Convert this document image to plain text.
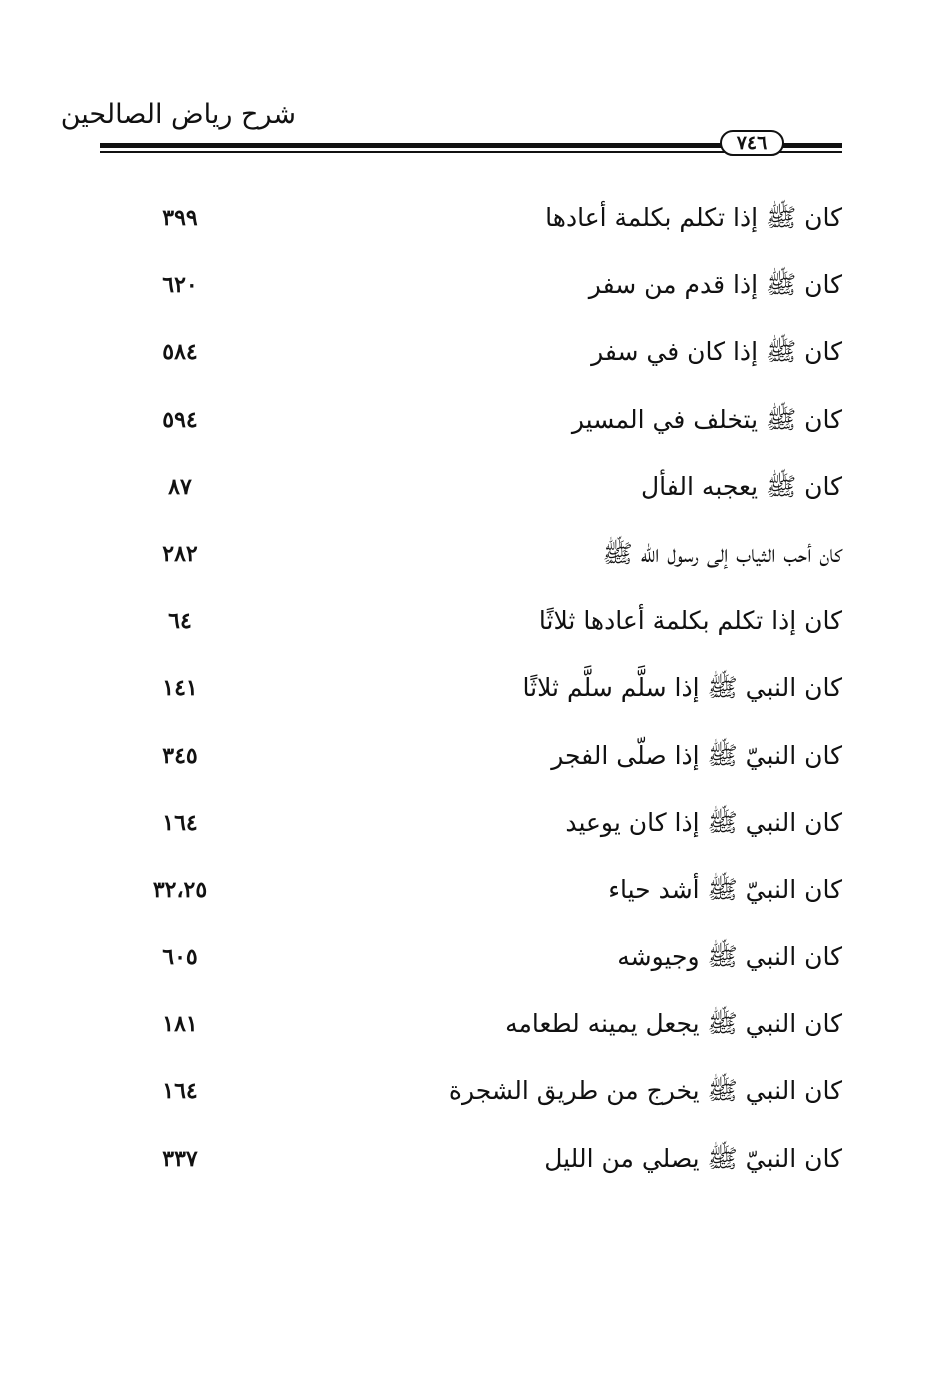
شرح رياض الصالحين
٧٤٦
كان ﷺ إذا تكلم بكلمة أعادها
٣٩٩
كان ﷺ إذا قدم من سفر
٦٢٠
كان ﷺ إذا كان في سفر
٥٨٤
كان ﷺ يتخلف في المسير
٥٩٤
كان ﷺ يعجبه الفأل
٨٧
كان أحب الثياب إلى رسول الله ﷺ
٢٨٢
كان إذا تكلم بكلمة أعادها ثلاثًا
٦٤
كان النبي ﷺ إذا سلَّم سلَّم ثلاثًا
١٤١
كان النبيّ ﷺ إذا صلّى الفجر
٣٤٥
كان النبي ﷺ إذا كان يوعيد
١٦٤
كان النبيّ ﷺ أشد حياء
٣٢،٢٥
كان النبي ﷺ وجيوشه
٦٠٥
كان النبي ﷺ يجعل يمينه لطعامه
١٨١
كان النبي ﷺ يخرج من طريق الشجرة
١٦٤
كان النبيّ ﷺ يصلي من الليل
٣٣٧
